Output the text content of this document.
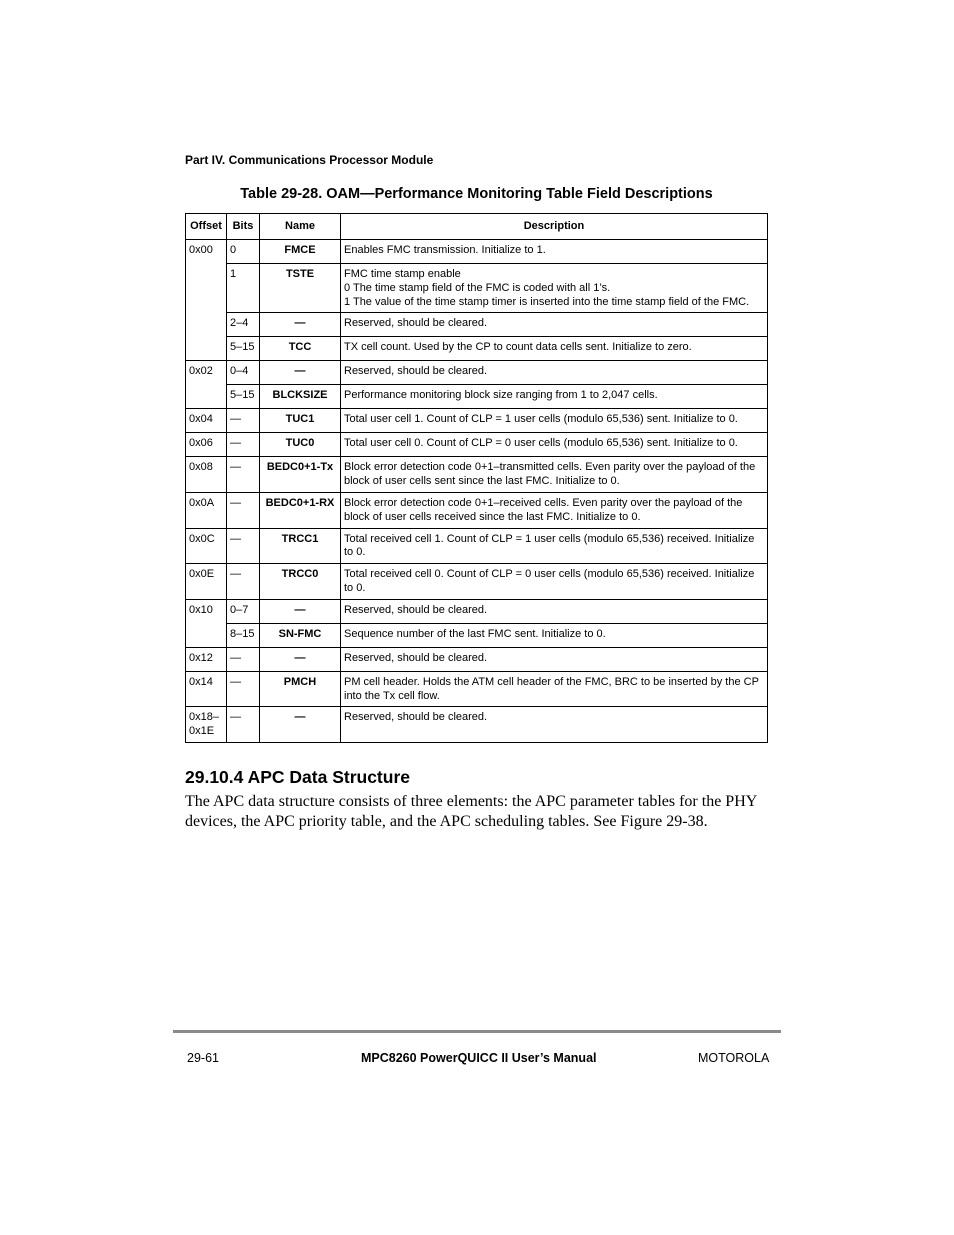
Part IV. Communications Processor Module
Table 29-28. OAM—Performance Monitoring Table Field Descriptions
Offset	Bits	Name	Description
0x00	0	FMCE	Enables FMC transmission. Initialize to 1.
	1	TSTE	FMC time stamp enable
0 The time stamp field of the FMC is coded with all 1’s.
1 The value of the time stamp timer is inserted into the time stamp field of the FMC.
	2–4	—	Reserved, should be cleared.
	5–15	TCC	TX cell count. Used by the CP to count data cells sent. Initialize to zero.
0x02	0–4	—	Reserved, should be cleared.
	5–15	BLCKSIZE	Performance monitoring block size ranging from 1 to 2,047 cells.
0x04	—	TUC1	Total user cell 1. Count of CLP = 1 user cells (modulo 65,536) sent. Initialize to 0.
0x06	—	TUC0	Total user cell 0. Count of CLP = 0 user cells (modulo 65,536) sent. Initialize to 0.
0x08	—	BEDC0+1-Tx	Block error detection code 0+1–transmitted cells. Even parity over the payload of the block of user cells sent since the last FMC. Initialize to 0.
0x0A	—	BEDC0+1-RX	Block error detection code 0+1–received cells. Even parity over the payload of the block of user cells received since the last FMC. Initialize to 0.
0x0C	—	TRCC1	Total received cell 1. Count of CLP = 1 user cells (modulo 65,536) received. Initialize to 0.
0x0E	—	TRCC0	Total received cell 0. Count of CLP = 0 user cells (modulo 65,536) received. Initialize to 0.
0x10	0–7	—	Reserved, should be cleared.
	8–15	SN-FMC	Sequence number of the last FMC sent. Initialize to 0.
0x12	—	—	Reserved, should be cleared.
0x14	—	PMCH	PM cell header. Holds the ATM cell header of the FMC, BRC to be inserted by the CP into the Tx cell flow.
0x18–
0x1E	—	—	Reserved, should be cleared.
29.10.4 APC Data Structure
The APC data structure consists of three elements: the APC parameter tables for the PHY devices, the APC priority table, and the APC scheduling tables. See Figure 29-38.
29-61	MPC8260 PowerQUICC II User’s Manual	MOTOROLA
